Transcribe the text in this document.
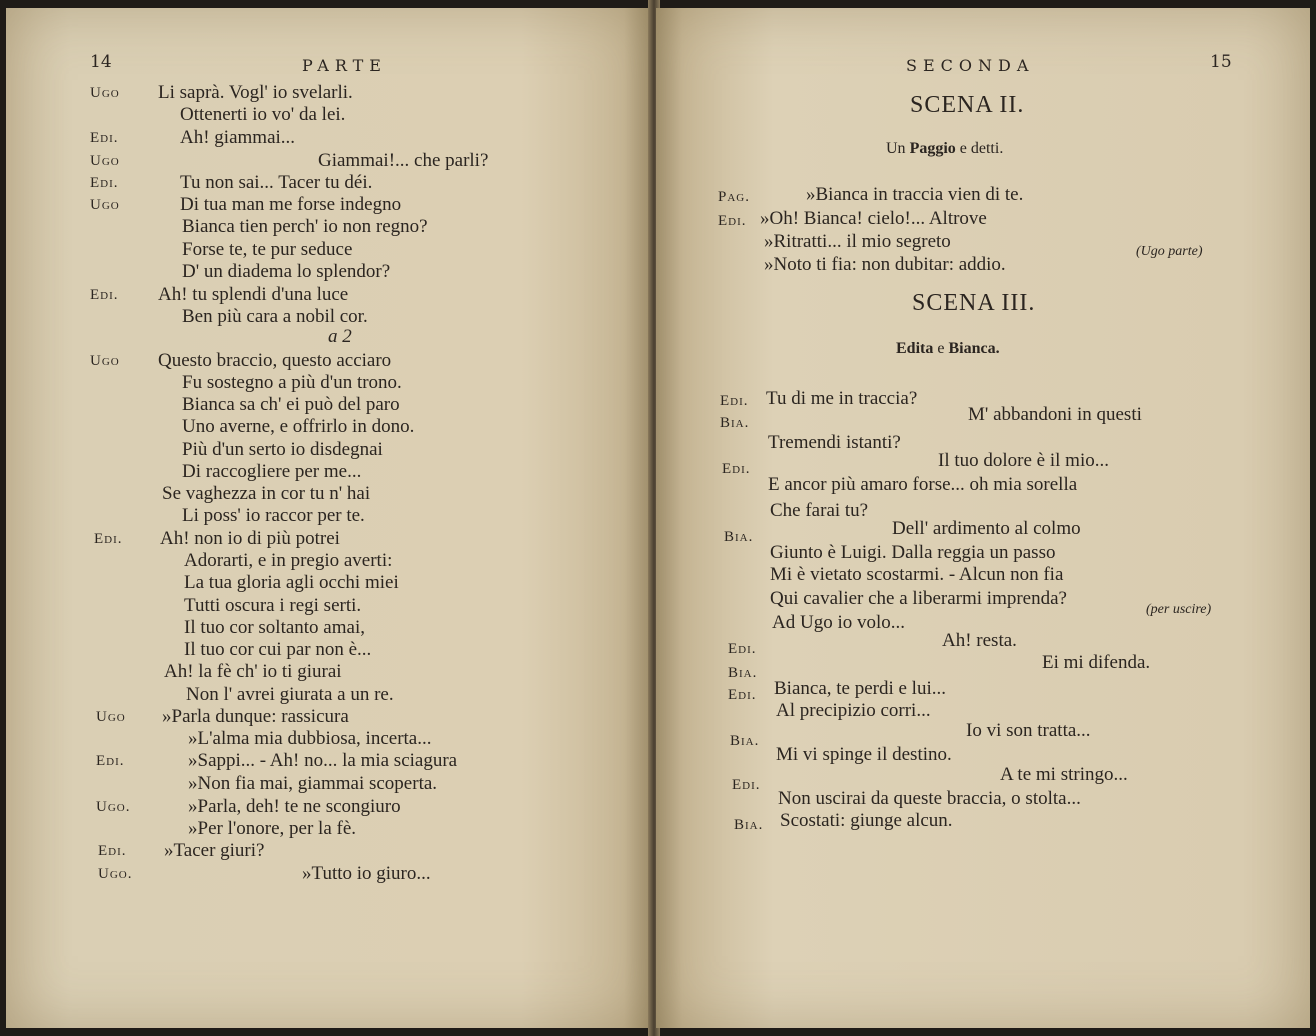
14	PARTE
Ugo Li saprà. Vogl' io svelarli.
Ottenerti io vo' da lei.
Edi.	Ah! giammai...
Ugo	Giammai!... che parli?
Edi.	Tu non sai... Tacer tu déi.
Ugo	Di tua man me forse indegno
Bianca tien perch' io non regno?
Forse te, te pur seduce
D' un diadema lo splendor?
Edi. Ah! tu splendi d'una luce
Ben più cara a nobil cor.
a 2
Ugo Questo braccio, questo acciaro
Fu sostegno a più d'un trono.
Bianca sa ch' ei può del paro
Uno averne, e offrirlo in dono.
Più d'un serto io disdegnai
Di raccogliere per me...
Se vaghezza in cor tu n' hai
Li poss' io raccor per te.
Edi. Ah! non io di più potrei
Adorarti, e in pregio averti:
La tua gloria agli occhi miei
Tutti oscura i regi serti.
Il tuo cor soltanto amai,
Il tuo cor cui par non è...
Ah! la fè ch' io ti giurai
Non l' avrei giurata a un re.
Ugo »Parla dunque: rassicura
»L'alma mia dubbiosa, incerta...
Edi.	»Sappi... - Ah! no... la mia sciagura
»Non fia mai, giammai scoperta.
Ugo.	»Parla, deh! te ne scongiuro
»Per l'onore, per la fè.
Edi. »Tacer giuri?
Ugo.	»Tutto io giuro...
SECONDA	15
SCENA II.
Un Paggio e detti.
Pag.	»Bianca in traccia vien di te.
Edi. »Oh! Bianca! cielo!... Altrove
»Ritratti... il mio segreto
»Noto ti fia: non dubitar: addio.
(Ugo parte)
SCENA III.
Edita e Bianca.
Edi. Tu di me in traccia?
Bia.	M' abbandoni in questi
Tremendi istanti?
Edi.	Il tuo dolore è il mio...
E ancor più amaro forse... oh mia sorella
Che farai tu?
Bia.	Dell' ardimento al colmo
Giunto è Luigi. Dalla reggia un passo
Mi è vietato scostarmi. - Alcun non fia
Qui cavalier che a liberarmi imprenda?
(per uscire)
Ad Ugo io volo...
Edi.	Ah! resta.
Bia.	Ei mi difenda.
Edi. Bianca, te perdi e lui...
Al precipizio corri...
Bia.	Io vi son tratta...
Mi vi spinge il destino.
Edi.	A te mi stringo...
Non uscirai da queste braccia, o stolta...
Bia. Scostati: giunge alcun.
